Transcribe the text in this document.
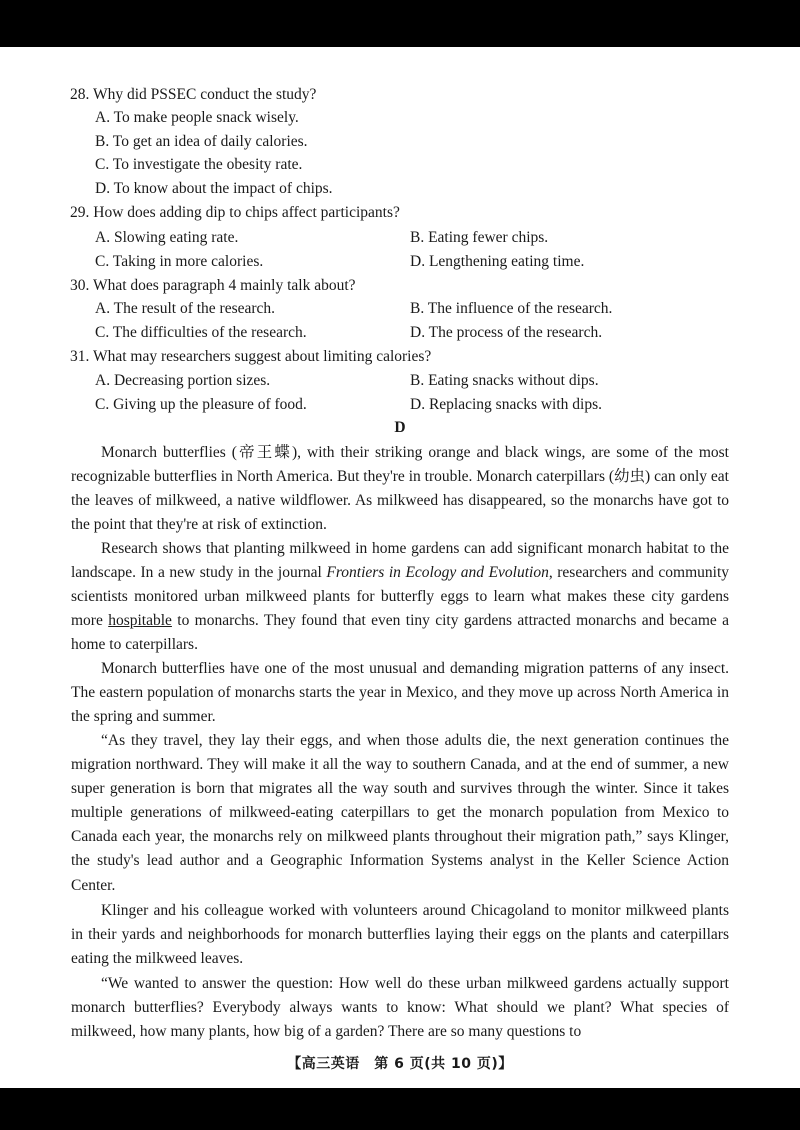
28. Why did PSSEC conduct the study?
A. To make people snack wisely.
B. To get an idea of daily calories.
C. To investigate the obesity rate.
D. To know about the impact of chips.
29. How does adding dip to chips affect participants?
A. Slowing eating rate.	B. Eating fewer chips.
C. Taking in more calories.	D. Lengthening eating time.
30. What does paragraph 4 mainly talk about?
A. The result of the research.	B. The influence of the research.
C. The difficulties of the research.	D. The process of the research.
31. What may researchers suggest about limiting calories?
A. Decreasing portion sizes.	B. Eating snacks without dips.
C. Giving up the pleasure of food.	D. Replacing snacks with dips.
D
Monarch butterflies (帝王蝶), with their striking orange and black wings, are some of the most recognizable butterflies in North America. But they're in trouble. Monarch caterpillars (幼虫) can only eat the leaves of milkweed, a native wildflower. As milkweed has disappeared, so the monarchs have got to the point that they're at risk of extinction.
Research shows that planting milkweed in home gardens can add significant monarch habitat to the landscape. In a new study in the journal Frontiers in Ecology and Evolution, researchers and community scientists monitored urban milkweed plants for butterfly eggs to learn what makes these city gardens more hospitable to monarchs. They found that even tiny city gardens attracted monarchs and became a home to caterpillars.
Monarch butterflies have one of the most unusual and demanding migration patterns of any insect. The eastern population of monarchs starts the year in Mexico, and they move up across North America in the spring and summer.
“As they travel, they lay their eggs, and when those adults die, the next generation continues the migration northward. They will make it all the way to southern Canada, and at the end of summer, a new super generation is born that migrates all the way south and survives through the winter. Since it takes multiple generations of milkweed-eating caterpillars to get the monarch population from Mexico to Canada each year, the monarchs rely on milkweed plants throughout their migration path,” says Klinger, the study's lead author and a Geographic Information Systems analyst in the Keller Science Action Center.
Klinger and his colleague worked with volunteers around Chicagoland to monitor milkweed plants in their yards and neighborhoods for monarch butterflies laying their eggs on the plants and caterpillars eating the milkweed leaves.
“We wanted to answer the question: How well do these urban milkweed gardens actually support monarch butterflies? Everybody always wants to know: What should we plant? What species of milkweed, how many plants, how big of a garden? There are so many questions to
【高三英语　第 6 页(共 10 页)】
